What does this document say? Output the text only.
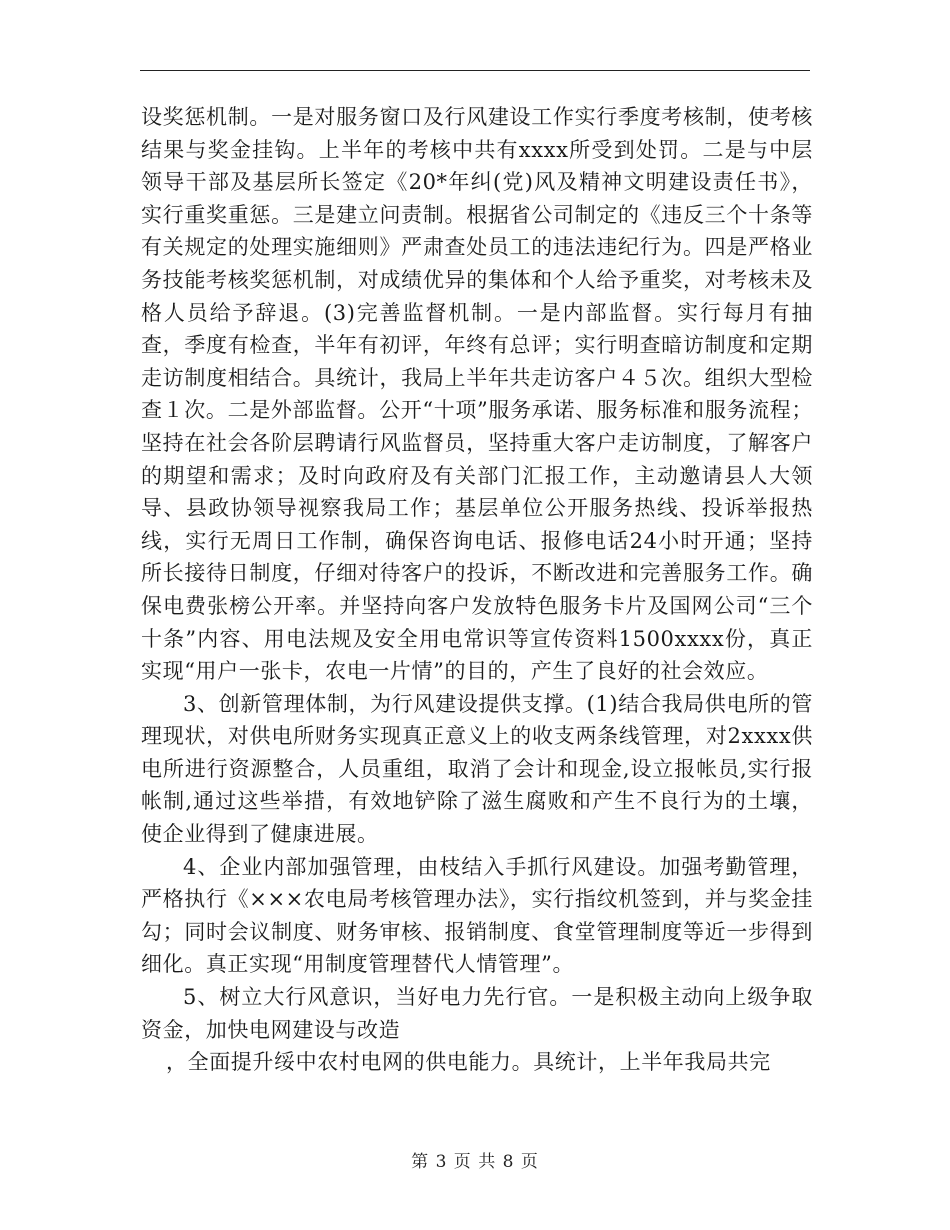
设奖惩机制。一是对服务窗口及行风建设工作实行季度考核制，使考核结果与奖金挂钩。上半年的考核中共有xxxx所受到处罚。二是与中层领导干部及基层所长签定《20*年纠(党)风及精神文明建设责任书》，实行重奖重惩。三是建立问责制。根据省公司制定的《违反三个十条等有关规定的处理实施细则》严肃查处员工的违法违纪行为。四是严格业务技能考核奖惩机制，对成绩优异的集体和个人给予重奖，对考核未及格人员给予辞退。(3)完善监督机制。一是内部监督。实行每月有抽查，季度有检查，半年有初评，年终有总评；实行明查暗访制度和定期走访制度相结合。具统计，我局上半年共走访客户４５次。组织大型检查１次。二是外部监督。公开“十项”服务承诺、服务标准和服务流程；坚持在社会各阶层聘请行风监督员，坚持重大客户走访制度，了解客户的期望和需求；及时向政府及有关部门汇报工作，主动邀请县人大领导、县政协领导视察我局工作；基层单位公开服务热线、投诉举报热线，实行无周日工作制，确保咨询电话、报修电话24小时开通；坚持所长接待日制度，仔细对待客户的投诉，不断改进和完善服务工作。确保电费张榜公开率。并坚持向客户发放特色服务卡片及国网公司“三个十条”内容、用电法规及安全用电常识等宣传资料1500xxxx份，真正实现“用户一张卡，农电一片情”的目的，产生了良好的社会效应。

3、创新管理体制，为行风建设提供支撑。(1)结合我局供电所的管理现状，对供电所财务实现真正意义上的收支两条线管理，对2xxxx供电所进行资源整合，人员重组，取消了会计和现金,设立报帐员,实行报帐制,通过这些举措，有效地铲除了滋生腐败和产生不良行为的土壤，使企业得到了健康进展。

4、企业内部加强管理，由枝结入手抓行风建设。加强考勤管理，严格执行《×××农电局考核管理办法》，实行指纹机签到，并与奖金挂勾；同时会议制度、财务审核、报销制度、食堂管理制度等近一步得到细化。真正实现“用制度管理替代人情管理”。

5、树立大行风意识，当好电力先行官。一是积极主动向上级争取资金，加快电网建设与改造

，全面提升绥中农村电网的供电能力。具统计，上半年我局共完

第 3 页 共 8 页
